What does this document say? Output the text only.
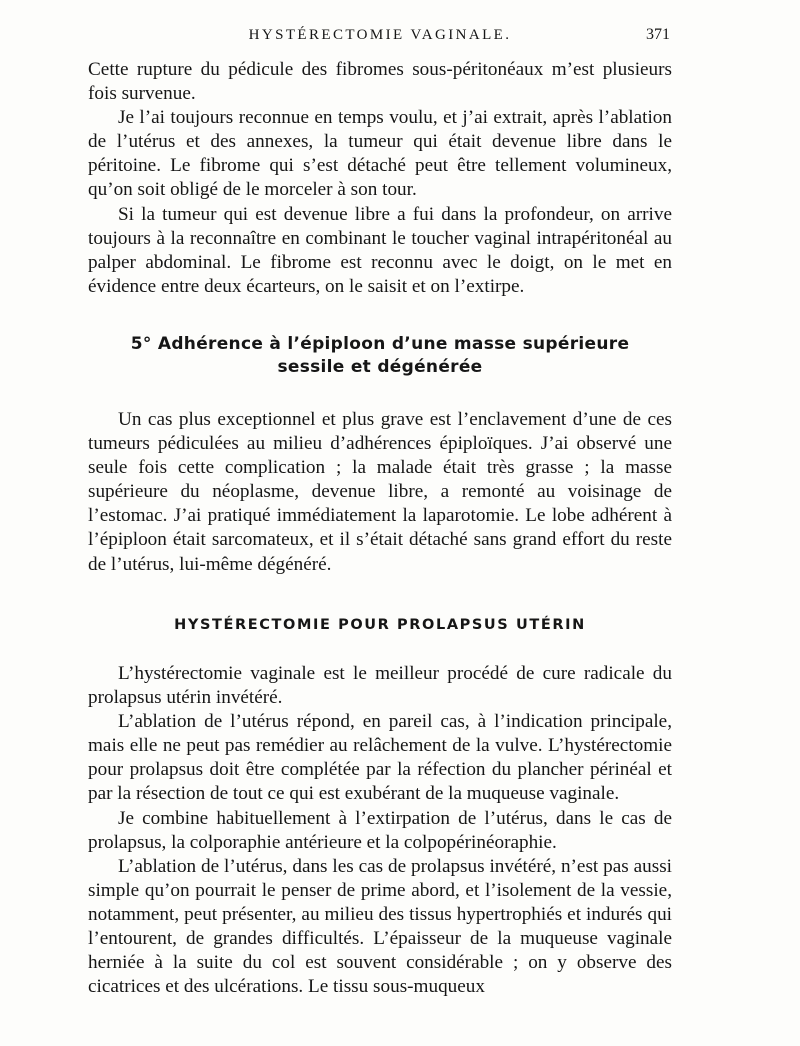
HYSTÉRECTOMIE VAGINALE.	371

Cette rupture du pédicule des fibromes sous-péritonéaux m’est plusieurs fois survenue.

Je l’ai toujours reconnue en temps voulu, et j’ai extrait, après l’ablation de l’utérus et des annexes, la tumeur qui était devenue libre dans le péritoine. Le fibrome qui s’est détaché peut être tellement volumineux, qu’on soit obligé de le morceler à son tour.

Si la tumeur qui est devenue libre a fui dans la profondeur, on arrive toujours à la reconnaître en combinant le toucher vaginal intrapéritonéal au palper abdominal. Le fibrome est reconnu avec le doigt, on le met en évidence entre deux écarteurs, on le saisit et on l’extirpe.

5° Adhérence à l’épiploon d’une masse supérieure
sessile et dégénérée

Un cas plus exceptionnel et plus grave est l’enclavement d’une de ces tumeurs pédiculées au milieu d’adhérences épiploïques. J’ai observé une seule fois cette complication ; la malade était très grasse ; la masse supérieure du néoplasme, devenue libre, a remonté au voisinage de l’estomac. J’ai pratiqué immédiatement la laparotomie. Le lobe adhérent à l’épiploon était sarcomateux, et il s’était détaché sans grand effort du reste de l’utérus, lui-même dégénéré.

HYSTÉRECTOMIE POUR PROLAPSUS UTÉRIN

L’hystérectomie vaginale est le meilleur procédé de cure radicale du prolapsus utérin invétéré.

L’ablation de l’utérus répond, en pareil cas, à l’indication principale, mais elle ne peut pas remédier au relâchement de la vulve. L’hystérectomie pour prolapsus doit être complétée par la réfection du plancher périnéal et par la résection de tout ce qui est exubérant de la muqueuse vaginale.

Je combine habituellement à l’extirpation de l’utérus, dans le cas de prolapsus, la colporaphie antérieure et la colpopérinéoraphie.

L’ablation de l’utérus, dans les cas de prolapsus invétéré, n’est pas aussi simple qu’on pourrait le penser de prime abord, et l’isolement de la vessie, notamment, peut présenter, au milieu des tissus hypertrophiés et indurés qui l’entourent, de grandes difficultés. L’épaisseur de la muqueuse vaginale herniée à la suite du col est souvent considérable ; on y observe des cicatrices et des ulcérations. Le tissu sous-muqueux
